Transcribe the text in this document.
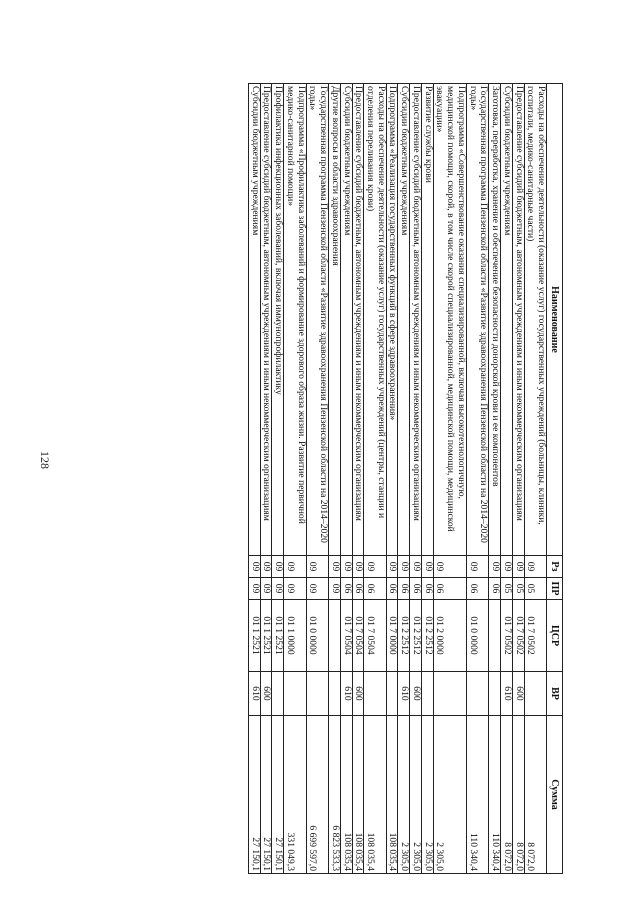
128
Наименование	Рз	ПР	ЦСР	ВР	Сумма
Расходы на обеспечение деятельности (оказание услуг) государственных учреждений (больницы, клиники, госпитали, медико-санитарные части)	09	05	01 7 0502		8 072,0
Предоставление субсидий бюджетным, автономным учреждениям и иным некоммерческим организациям	09	05	01 7 0502	600	8 072,0
Субсидии бюджетным учреждениям	09	05	01 7 0502	610	8 072,0
Заготовка, переработка, хранение и обеспечение безопасности донорской крови и ее компонентов	09	06			110 340,4
Государственная программа Пензенской области «Развитие здравоохранения Пензенской области на 2014–2020 годы»	09	06	01 0 0000		110 340,4
Подпрограмма «Совершенствование оказания специализированной, включая высокотехнологичную, медицинской помощи, скорой, в том числе скорой специализированной, медицинской помощи, медицинской эвакуации»	09	06	01 2 0000		2 305,0
Развитие службы крови	09	06	01 2 2512		2 305,0
Предоставление субсидий бюджетным, автономным учреждениям и иным некоммерческим организациям	09	06	01 2 2512	600	2 305,0
Субсидии бюджетным учреждениям	09	06	01 2 2512	610	2 305,0
Подпрограмма «Реализация государственных функций в сфере здравоохранения»	09	06	01 7 0000		108 035,4
Расходы на обеспечение деятельности (оказание услуг) государственных учреждений (центры, станции и отделения переливания крови)	09	06	01 7 0504		108 035,4
Предоставление субсидий бюджетным, автономным учреждениям и иным некоммерческим организациям	09	06	01 7 0504	600	108 035,4
Субсидии бюджетным учреждениям	09	06	01 7 0504	610	108 035,4
Другие вопросы в области здравоохранения	09	09			6 823 533,3
Государственная программа Пензенской области «Развитие здравоохранения Пензенской области на 2014–2020 годы»	09	09	01 0 0000		6 699 597,0
Подпрограмма «Профилактика заболеваний и формирование здорового образа жизни. Развитие первичной медико-санитарной помощи»	09	09	01 1 0000		331 049,3
Профилактика инфекционных заболеваний, включая иммунопрофилактику	09	09	01 1 2521		27 150,1
Предоставление субсидий бюджетным, автономным учреждениям и иным некоммерческим организациям	09	09	01 1 2521	600	27 150,1
Субсидии бюджетным учреждениям	09	09	01 1 2521	610	27 150,1
